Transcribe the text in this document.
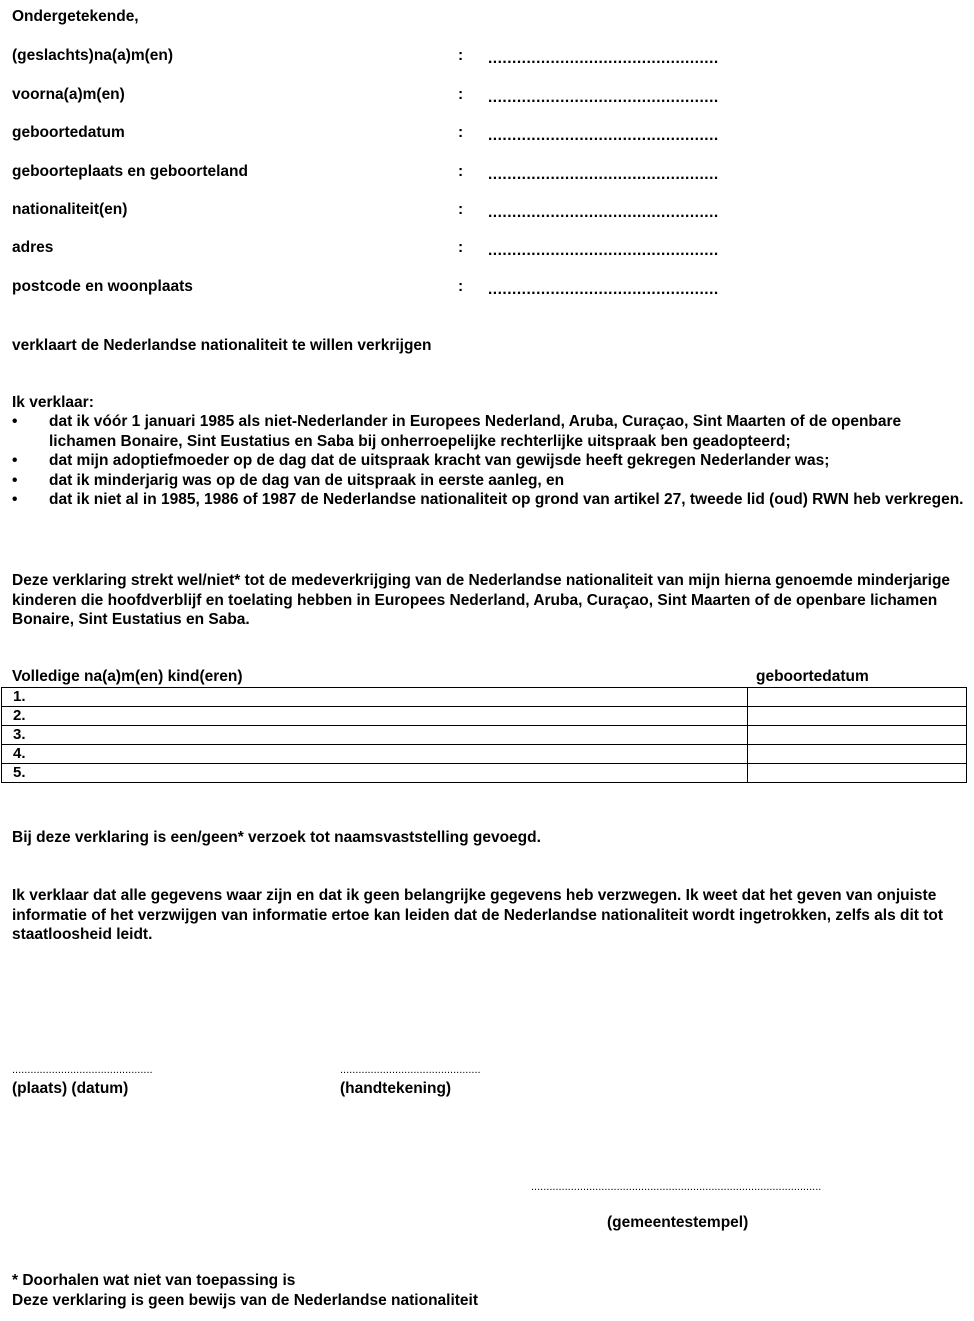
Ondergetekende,
(geslachts)na(a)m(en)	: ................................................
voorna(a)m(en)	: ................................................
geboortedatum	: ................................................
geboorteplaats en geboorteland	: ................................................
nationaliteit(en)	: ................................................
adres	: ................................................
postcode en woonplaats	: ................................................
verklaart de Nederlandse nationaliteit te willen verkrijgen
Ik verklaar:
• dat ik vóór 1 januari 1985 als niet-Nederlander in Europees Nederland, Aruba, Curaçao, Sint Maarten of de openbare lichamen Bonaire, Sint Eustatius en Saba bij onherroepelijke rechterlijke uitspraak ben geadopteerd;
• dat mijn adoptiefmoeder op de dag dat de uitspraak kracht van gewijsde heeft gekregen Nederlander was;
• dat ik minderjarig was op de dag van de uitspraak in eerste aanleg, en
• dat ik niet al in 1985, 1986 of 1987 de Nederlandse nationaliteit op grond van artikel 27, tweede lid (oud) RWN heb verkregen.
Deze verklaring strekt wel/niet* tot de medeverkrijging van de Nederlandse nationaliteit van mijn hierna genoemde minderjarige kinderen die hoofdverblijf en toelating hebben in Europees Nederland, Aruba, Curaçao, Sint Maarten of de openbare lichamen Bonaire, Sint Eustatius en Saba.
Volledige na(a)m(en) kind(eren)	geboortedatum
1.	
2.	
3.	
4.	
5.	
Bij deze verklaring is een/geen* verzoek tot naamsvaststelling gevoegd.
Ik verklaar dat alle gegevens waar zijn en dat ik geen belangrijke gegevens heb verzwegen. Ik weet dat het geven van onjuiste informatie of het verzwijgen van informatie ertoe kan leiden dat de Nederlandse nationaliteit wordt ingetrokken, zelfs als dit tot staatloosheid leidt.
..............................................
(plaats) (datum)
..............................................
(handtekening)
...............................................................................................
(gemeentestempel)
* Doorhalen wat niet van toepassing is
Deze verklaring is geen bewijs van de Nederlandse nationaliteit
